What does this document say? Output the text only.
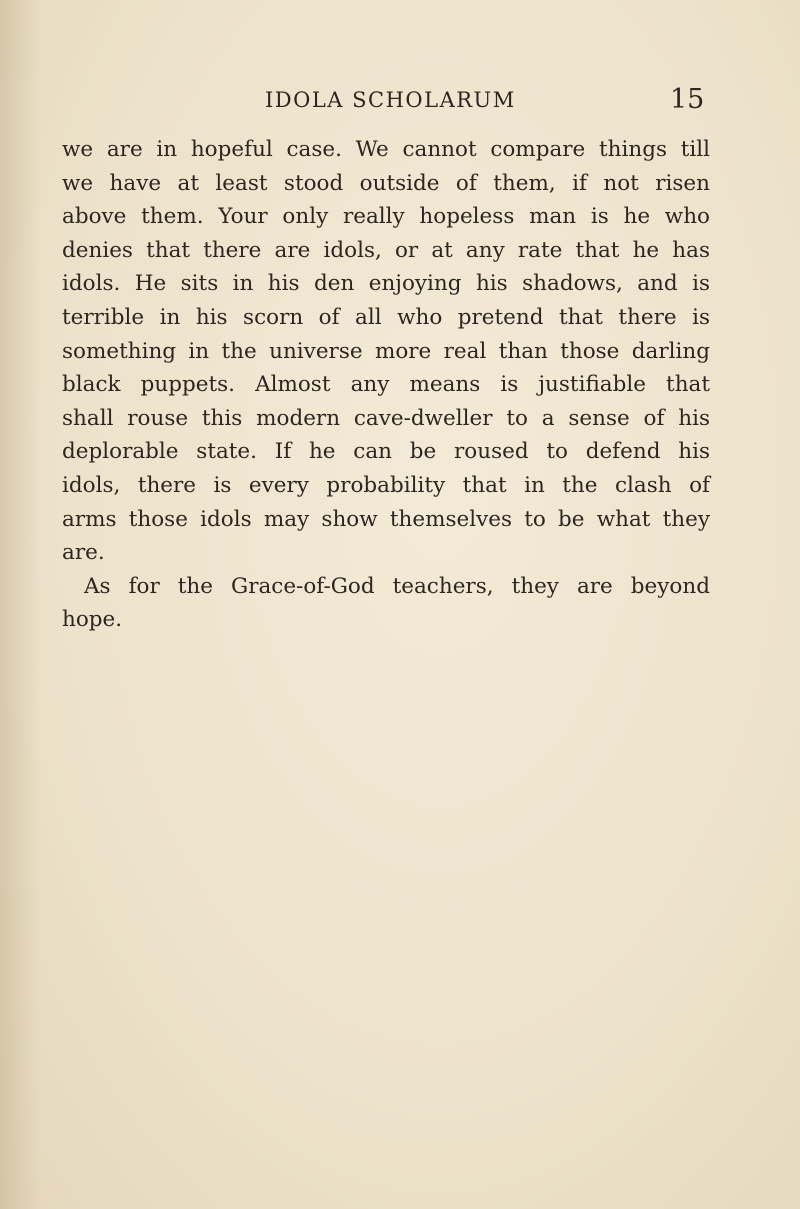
IDOLA SCHOLARUM	15
we are in hopeful case. We cannot compare things till
we have at least stood outside of them, if not risen
above them. Your only really hopeless man is he who
denies that there are idols, or at any rate that he has
idols. He sits in his den enjoying his shadows, and is
terrible in his scorn of all who pretend that there is
something in the universe more real than those darling
black puppets. Almost any means is justifiable that
shall rouse this modern cave-dweller to a sense of his
deplorable state. If he can be roused to defend his
idols, there is every probability that in the clash of
arms those idols may show themselves to be what they
are.
As for the Grace-of-God teachers, they are beyond
hope.
